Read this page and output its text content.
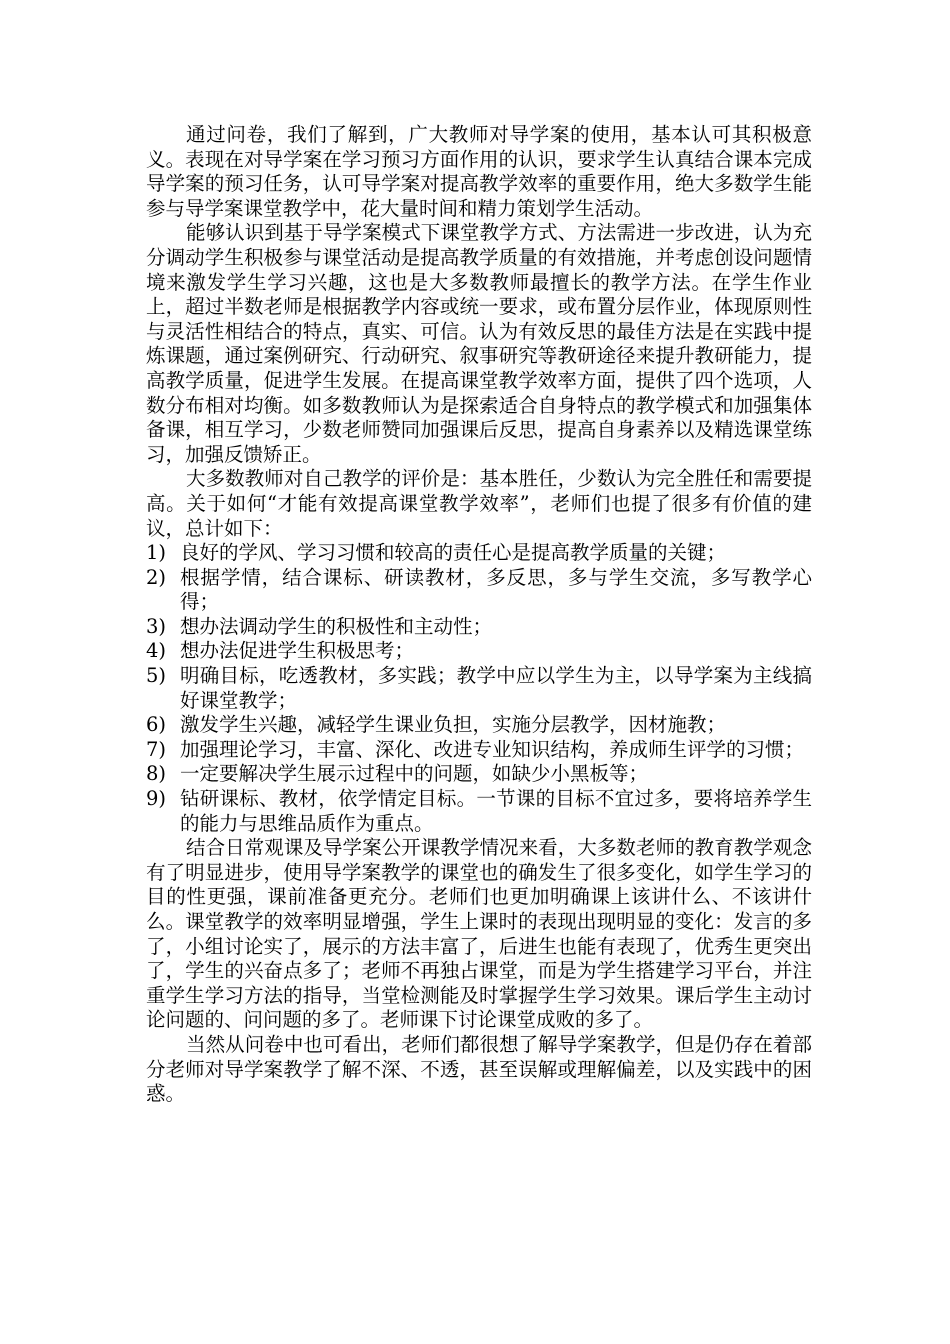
通过问卷，我们了解到，广大教师对导学案的使用，基本认可其积极意义。表现在对导学案在学习预习方面作用的认识，要求学生认真结合课本完成导学案的预习任务，认可导学案对提高教学效率的重要作用，绝大多数学生能参与导学案课堂教学中，花大量时间和精力策划学生活动。

能够认识到基于导学案模式下课堂教学方式、方法需进一步改进，认为充分调动学生积极参与课堂活动是提高教学质量的有效措施，并考虑创设问题情境来激发学生学习兴趣，这也是大多数教师最擅长的教学方法。在学生作业上，超过半数老师是根据教学内容或统一要求，或布置分层作业，体现原则性与灵活性相结合的特点，真实、可信。认为有效反思的最佳方法是在实践中提炼课题，通过案例研究、行动研究、叙事研究等教研途径来提升教研能力，提高教学质量，促进学生发展。在提高课堂教学效率方面，提供了四个选项，人数分布相对均衡。如多数教师认为是探索适合自身特点的教学模式和加强集体备课，相互学习，少数老师赞同加强课后反思，提高自身素养以及精选课堂练习，加强反馈矫正。

大多数教师对自己教学的评价是：基本胜任，少数认为完全胜任和需要提高。关于如何“才能有效提高课堂教学效率”，老师们也提了很多有价值的建议，总计如下：

1) 良好的学风、学习习惯和较高的责任心是提高教学质量的关键；
2) 根据学情，结合课标、研读教材，多反思，多与学生交流，多写教学心得；
3) 想办法调动学生的积极性和主动性；
4) 想办法促进学生积极思考；
5) 明确目标，吃透教材，多实践；教学中应以学生为主，以导学案为主线搞好课堂教学；
6) 激发学生兴趣，减轻学生课业负担，实施分层教学，因材施教；
7) 加强理论学习，丰富、深化、改进专业知识结构，养成师生评学的习惯；
8) 一定要解决学生展示过程中的问题，如缺少小黑板等；
9) 钻研课标、教材，依学情定目标。一节课的目标不宜过多，要将培养学生的能力与思维品质作为重点。

结合日常观课及导学案公开课教学情况来看，大多数老师的教育教学观念有了明显进步，使用导学案教学的课堂也的确发生了很多变化，如学生学习的目的性更强，课前准备更充分。老师们也更加明确课上该讲什么、不该讲什么。课堂教学的效率明显增强，学生上课时的表现出现明显的变化：发言的多了，小组讨论实了，展示的方法丰富了，后进生也能有表现了，优秀生更突出了，学生的兴奋点多了；老师不再独占课堂，而是为学生搭建学习平台，并注重学生学习方法的指导，当堂检测能及时掌握学生学习效果。课后学生主动讨论问题的、问问题的多了。老师课下讨论课堂成败的多了。

当然从问卷中也可看出，老师们都很想了解导学案教学，但是仍存在着部分老师对导学案教学了解不深、不透，甚至误解或理解偏差，以及实践中的困惑。
